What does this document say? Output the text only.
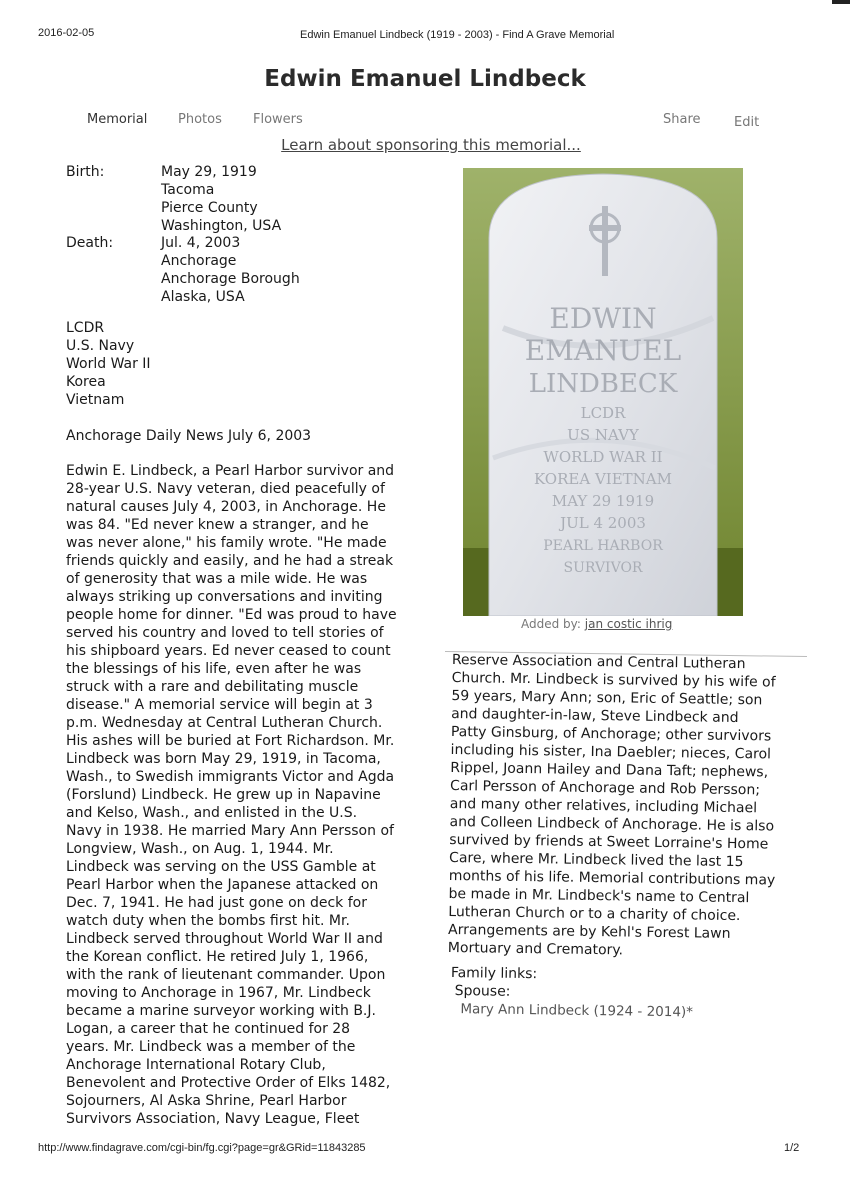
2016-02-05	Edwin Emanuel Lindbeck (1919 - 2003) - Find A Grave Memorial
Edwin Emanuel Lindbeck
Memorial Photos Flowers	Share	Edit
Learn about sponsoring this memorial...
Birth:	May 29, 1919
Tacoma
Pierce County
Washington, USA
Death:	Jul. 4, 2003
Anchorage
Anchorage Borough
Alaska, USA
LCDR
U.S. Navy
World War II
Korea
Vietnam
Anchorage Daily News July 6, 2003
Edwin E. Lindbeck, a Pearl Harbor survivor and
28-year U.S. Navy veteran, died peacefully of
natural causes July 4, 2003, in Anchorage. He
was 84. "Ed never knew a stranger, and he
was never alone," his family wrote. "He made
friends quickly and easily, and he had a streak
of generosity that was a mile wide. He was
always striking up conversations and inviting
people home for dinner. "Ed was proud to have
served his country and loved to tell stories of
his shipboard years. Ed never ceased to count
the blessings of his life, even after he was
struck with a rare and debilitating muscle
disease." A memorial service will begin at 3
p.m. Wednesday at Central Lutheran Church.
His ashes will be buried at Fort Richardson. Mr.
Lindbeck was born May 29, 1919, in Tacoma,
Wash., to Swedish immigrants Victor and Agda
(Forslund) Lindbeck. He grew up in Napavine
and Kelso, Wash., and enlisted in the U.S.
Navy in 1938. He married Mary Ann Persson of
Longview, Wash., on Aug. 1, 1944. Mr.
Lindbeck was serving on the USS Gamble at
Pearl Harbor when the Japanese attacked on
Dec. 7, 1941. He had just gone on deck for
watch duty when the bombs first hit. Mr.
Lindbeck served throughout World War II and
the Korean conflict. He retired July 1, 1966,
with the rank of lieutenant commander. Upon
moving to Anchorage in 1967, Mr. Lindbeck
became a marine surveyor working with B.J.
Logan, a career that he continued for 28
years. Mr. Lindbeck was a member of the
Anchorage International Rotary Club,
Benevolent and Protective Order of Elks 1482,
Sojourners, Al Aska Shrine, Pearl Harbor
Survivors Association, Navy League, Fleet
EDWIN
EMANUEL
LINDBECK
LCDR
US NAVY
WORLD WAR II
KOREA VIETNAM
MAY 29 1919
JUL 4 2003
PEARL HARBOR
SURVIVOR
Added by: jan costic ihrig
Reserve Association and Central Lutheran
Church. Mr. Lindbeck is survived by his wife of
59 years, Mary Ann; son, Eric of Seattle; son
and daughter-in-law, Steve Lindbeck and
Patty Ginsburg, of Anchorage; other survivors
including his sister, Ina Daebler; nieces, Carol
Rippel, Joann Hailey and Dana Taft; nephews,
Carl Persson of Anchorage and Rob Persson;
and many other relatives, including Michael
and Colleen Lindbeck of Anchorage. He is also
survived by friends at Sweet Lorraine's Home
Care, where Mr. Lindbeck lived the last 15
months of his life. Memorial contributions may
be made in Mr. Lindbeck's name to Central
Lutheran Church or to a charity of choice.
Arrangements are by Kehl's Forest Lawn
Mortuary and Crematory.
Family links:
Spouse:
Mary Ann Lindbeck (1924 - 2014)*
http://www.findagrave.com/cgi-bin/fg.cgi?page=gr&GRid=11843285	1/2
